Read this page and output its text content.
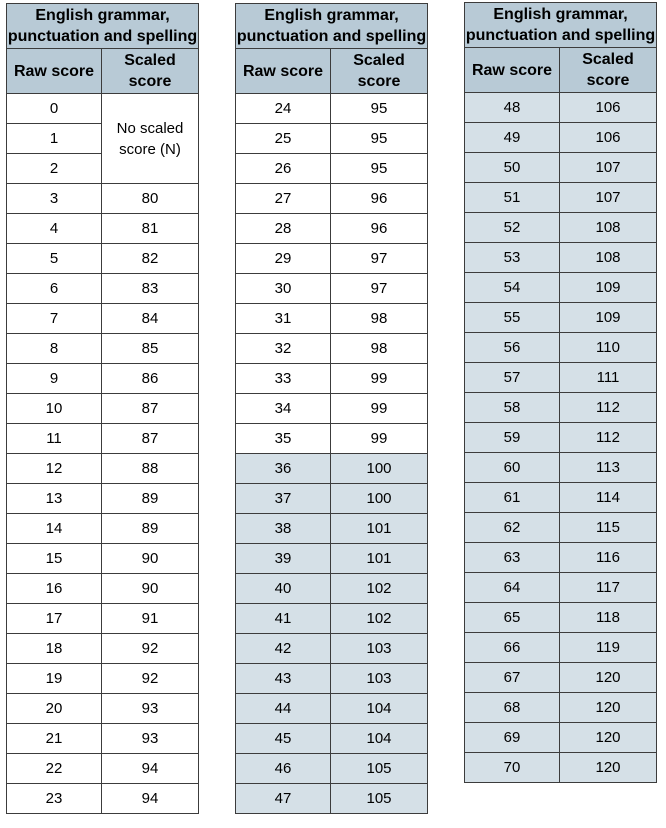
English grammar,
punctuation and spelling	
Raw score	Scaled
score
0	No scaled
score (N)
1	
2	
3	80
4	81
5	82
6	83
7	84
8	85
9	86
10	87
11	87
12	88
13	89
14	89
15	90
16	90
17	91
18	92
19	92
20	93
21	93
22	94
23	94
English grammar,
punctuation and spelling	
Raw score	Scaled
score
24	95
25	95
26	95
27	96
28	96
29	97
30	97
31	98
32	98
33	99
34	99
35	99
36	100
37	100
38	101
39	101
40	102
41	102
42	103
43	103
44	104
45	104
46	105
47	105
English grammar,
punctuation and spelling	
Raw score	Scaled
score
48	106
49	106
50	107
51	107
52	108
53	108
54	109
55	109
56	110
57	111
58	112
59	112
60	113
61	114
62	115
63	116
64	117
65	118
66	119
67	120
68	120
69	120
70	120
